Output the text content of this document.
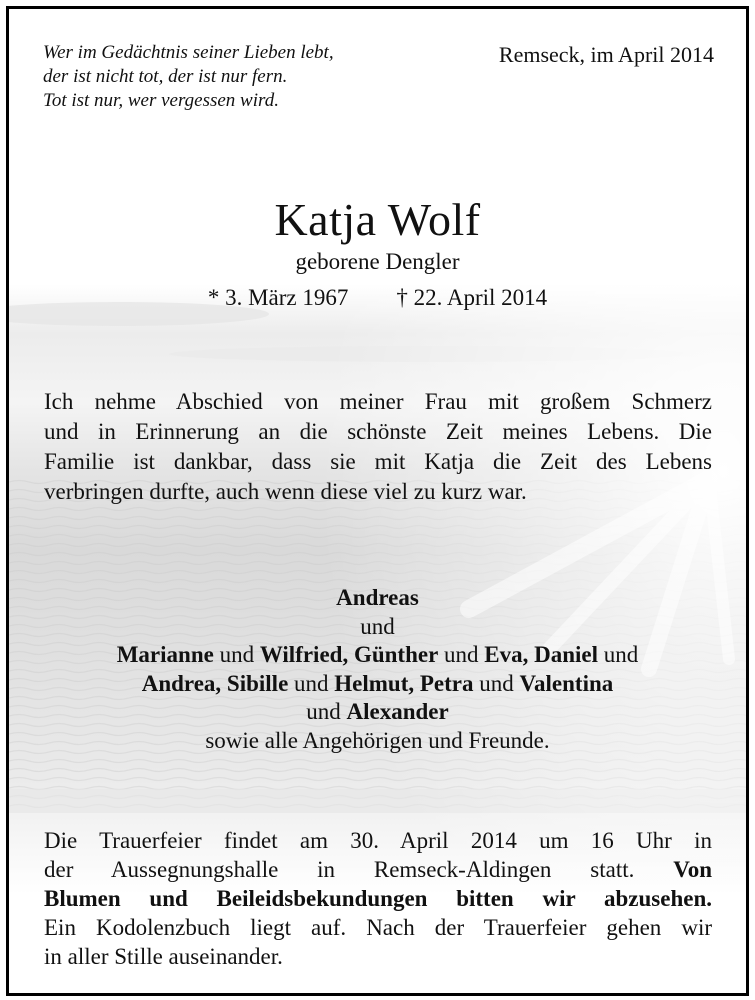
Wer im Gedächtnis seiner Lieben lebt,
der ist nicht tot, der ist nur fern.
Tot ist nur, wer vergessen wird.
Remseck, im April 2014
Katja Wolf
geborene Dengler
* 3. März 1967 † 22. April 2014
Ich nehme Abschied von meiner Frau mit großem Schmerz
und in Erinnerung an die schönste Zeit meines Lebens. Die
Familie ist dankbar, dass sie mit Katja die Zeit des Lebens
verbringen durfte, auch wenn diese viel zu kurz war.
Andreas
und
Marianne und Wilfried, Günther und Eva, Daniel und
Andrea, Sibille und Helmut, Petra und Valentina
und Alexander
sowie alle Angehörigen und Freunde.
Die Trauerfeier findet am 30. April 2014 um 16 Uhr in
der Aussegnungshalle in Remseck-Aldingen statt. Von
Blumen und Beileidsbekundungen bitten wir abzusehen.
Ein Kodolenzbuch liegt auf. Nach der Trauerfeier gehen wir
in aller Stille auseinander.
